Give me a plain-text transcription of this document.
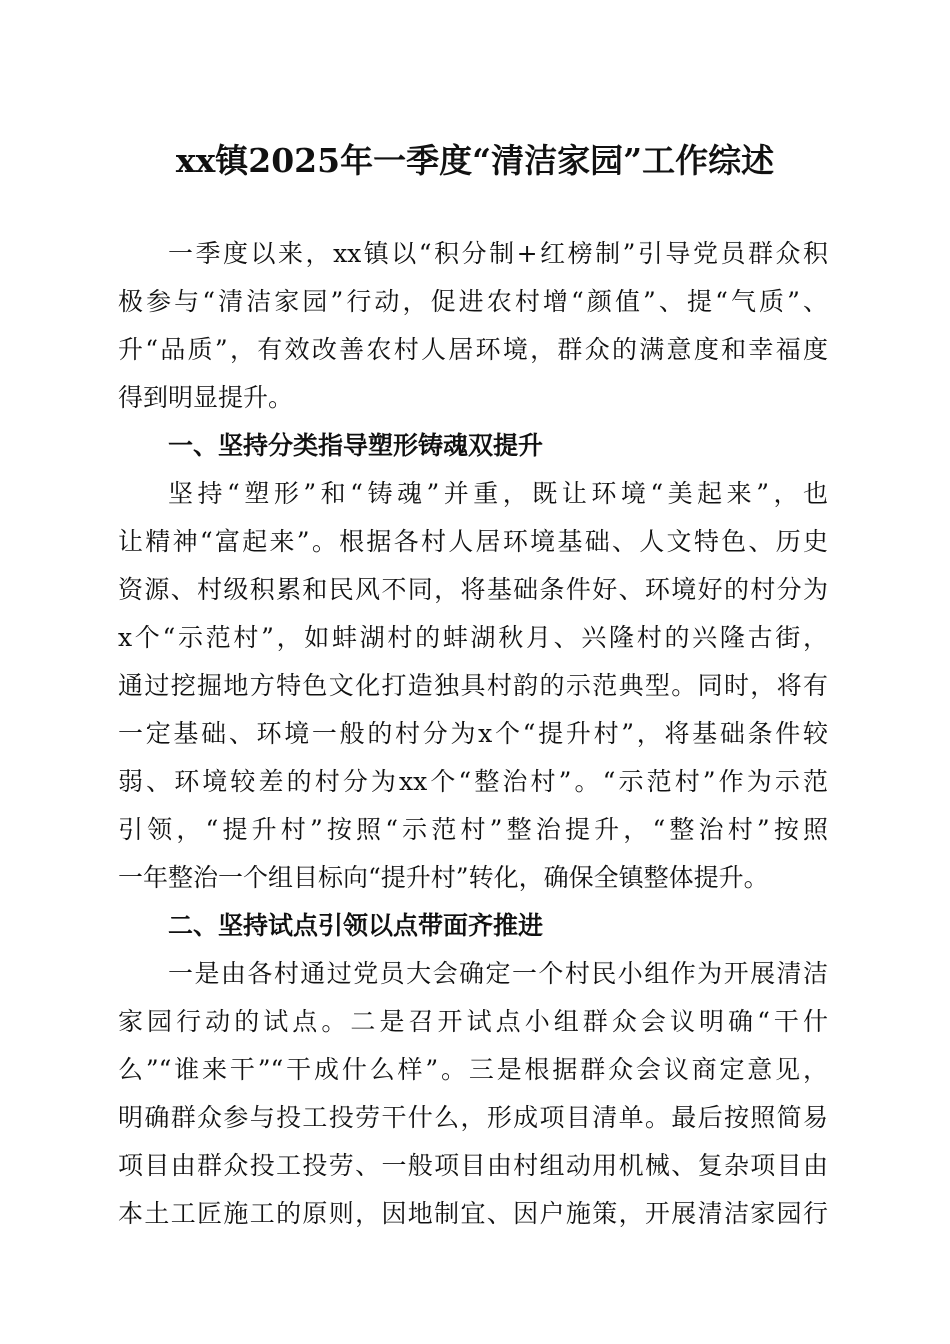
xx镇2025年一季度“清洁家园”工作综述
一季度以来，xx镇以“积分制+红榜制”引导党员群众积
极参与“清洁家园”行动，促进农村增“颜值”、提“气质”、
升“品质”，有效改善农村人居环境，群众的满意度和幸福度
得到明显提升。
一、坚持分类指导塑形铸魂双提升
坚持“塑形”和“铸魂”并重，既让环境“美起来”，也
让精神“富起来”。根据各村人居环境基础、人文特色、历史
资源、村级积累和民风不同，将基础条件好、环境好的村分为
x个“示范村”，如蚌湖村的蚌湖秋月、兴隆村的兴隆古街，
通过挖掘地方特色文化打造独具村韵的示范典型。同时，将有
一定基础、环境一般的村分为x个“提升村”，将基础条件较
弱、环境较差的村分为xx个“整治村”。“示范村”作为示范
引领，“提升村”按照“示范村”整治提升，“整治村”按照
一年整治一个组目标向“提升村”转化，确保全镇整体提升。
二、坚持试点引领以点带面齐推进
一是由各村通过党员大会确定一个村民小组作为开展清洁
家园行动的试点。二是召开试点小组群众会议明确“干什
么”“谁来干”“干成什么样”。三是根据群众会议商定意见，
明确群众参与投工投劳干什么，形成项目清单。最后按照简易
项目由群众投工投劳、一般项目由村组动用机械、复杂项目由
本土工匠施工的原则，因地制宜、因户施策，开展清洁家园行
